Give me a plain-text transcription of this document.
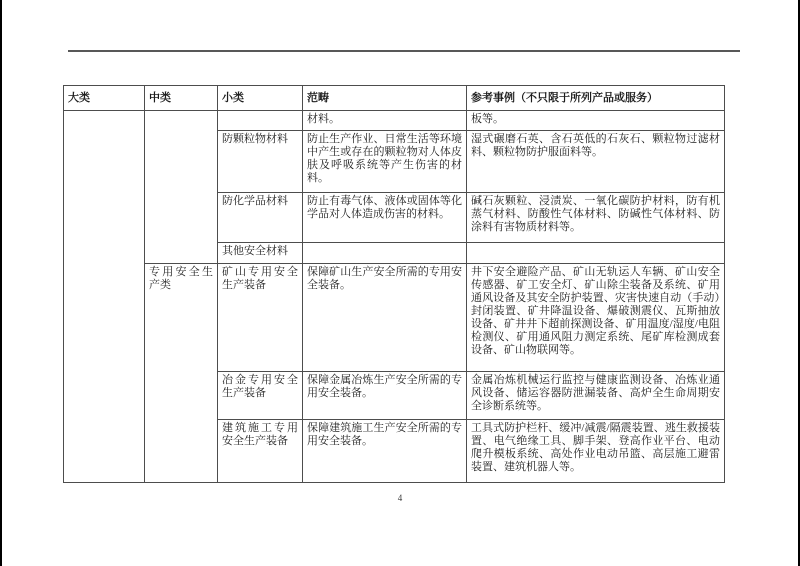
大类	中类	小类	范畴	参考事例（不只限于所列产品或服务）
			材料。	板等。
		防颗粒物材料	防止生产作业、日常生活等环境中产生或存在的颗粒物对人体皮肤及呼吸系统等产生伤害的材料。	湿式碾磨石英、含石英低的石灰石、颗粒物过滤材料、颗粒物防护服面料等。
		防化学品材料	防止有毒气体、液体或固体等化学品对人体造成伤害的材料。	碱石灰颗粒、浸渍炭、一氧化碳防护材料，防有机蒸气材料、防酸性气体材料、防碱性气体材料、防涂料有害物质材料等。
		其他安全材料		
	专用安全生产类	矿山专用安全生产装备	保障矿山生产安全所需的专用安全装备。	井下安全避险产品、矿山无轨运人车辆、矿山安全传感器、矿工安全灯、矿山除尘装备及系统、矿用通风设备及其安全防护装置、灾害快速自动（手动）封闭装置、矿井降温设备、爆破测震仪、瓦斯抽放设备、矿井井下超前探测设备、矿用温度/湿度/电阻检测仪、矿用通风阻力测定系统、尾矿库检测成套设备、矿山物联网等。
		冶金专用安全生产装备	保障金属冶炼生产安全所需的专用安全装备。	金属冶炼机械运行监控与健康监测设备、冶炼业通风设备、储运容器防泄漏装备、高炉全生命周期安全诊断系统等。
		建筑施工专用安全生产装备	保障建筑施工生产安全所需的专用安全装备。	工具式防护栏杆、缓冲/减震/隔震装置、逃生救援装置、电气绝缘工具、脚手架、登高作业平台、电动爬升模板系统、高处作业电动吊篮、高层施工避雷装置、建筑机器人等。
4
